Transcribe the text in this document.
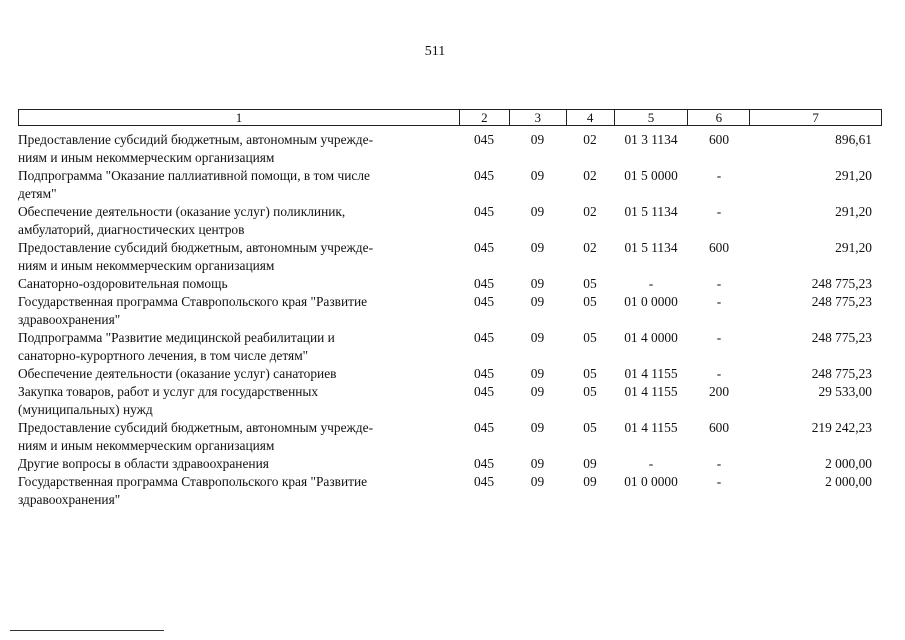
511
1	2	3	4	5	6	7
Предоставление субсидий бюджетным, автономным учрежде-
ниям и иным некоммерческим организациям
045	09	02	01 3 1134	600	896,61
Подпрограмма "Оказание паллиативной помощи, в том числе
детям"
045	09	02	01 5 0000	-	291,20
Обеспечение деятельности (оказание услуг) поликлиник,
амбулаторий, диагностических центров
045	09	02	01 5 1134	-	291,20
Предоставление субсидий бюджетным, автономным учрежде-
ниям и иным некоммерческим организациям
045	09	02	01 5 1134	600	291,20
Санаторно-оздоровительная помощь	045	09	05	-	-	248 775,23
Государственная программа Ставропольского края "Развитие
здравоохранения"
045	09	05	01 0 0000	-	248 775,23
Подпрограмма "Развитие медицинской реабилитации и
санаторно-курортного лечения, в том числе детям"
045	09	05	01 4 0000	-	248 775,23
Обеспечение деятельности (оказание услуг) санаториев	045	09	05	01 4 1155	-	248 775,23
Закупка товаров, работ и услуг для государственных
(муниципальных) нужд
045	09	05	01 4 1155	200	29 533,00
Предоставление субсидий бюджетным, автономным учрежде-
ниям и иным некоммерческим организациям
045	09	05	01 4 1155	600	219 242,23
Другие вопросы в области здравоохранения	045	09	09	-	-	2 000,00
Государственная программа Ставропольского края "Развитие
здравоохранения"
045	09	09	01 0 0000	-	2 000,00
